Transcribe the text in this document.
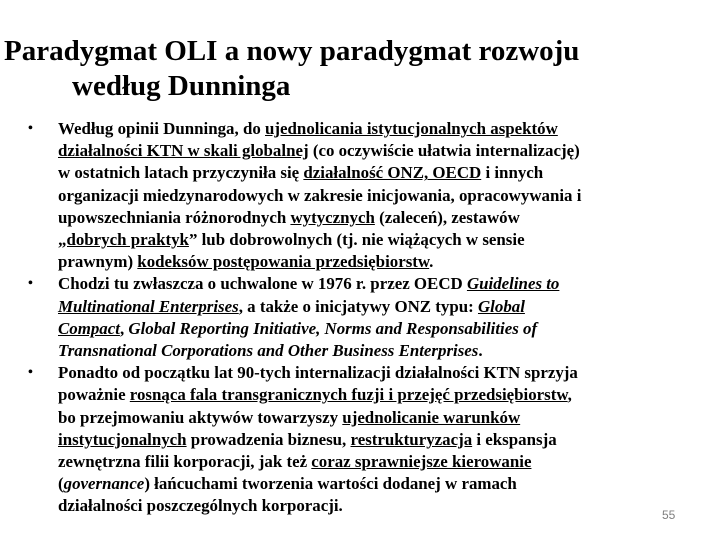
Paradygmat OLI a nowy paradygmat rozwoju
według Dunninga
• Według opinii Dunninga, do ujednolicania istytucjonalnych aspektów
działalności KTN w skali globalnej (co oczywiście ułatwia internalizację)
w ostatnich latach przyczyniła się działalność ONZ, OECD i innych
organizacji miedzynarodowych w zakresie inicjowania, opracowywania i
upowszechniania różnorodnych wytycznych (zaleceń), zestawów
„dobrych praktyk” lub dobrowolnych (tj. nie wiążących w sensie
prawnym) kodeksów postępowania przedsiębiorstw.
• Chodzi tu zwłaszcza o uchwalone w 1976 r. przez OECD Guidelines to
Multinational Enterprises, a także o inicjatywy ONZ typu: Global
Compact, Global Reporting Initiative, Norms and Responsabilities of
Transnational Corporations and Other Business Enterprises.
• Ponadto od początku lat 90-tych internalizacji działalności KTN sprzyja
poważnie rosnąca fala transgranicznych fuzji i przejęć przedsiębiorstw,
bo przejmowaniu aktywów towarzyszy ujednolicanie warunków
instytucjonalnych prowadzenia biznesu, restrukturyzacja i ekspansja
zewnętrzna filii korporacji, jak też coraz sprawniejsze kierowanie
(governance) łańcuchami tworzenia wartości dodanej w ramach
działalności poszczególnych korporacji.	55
